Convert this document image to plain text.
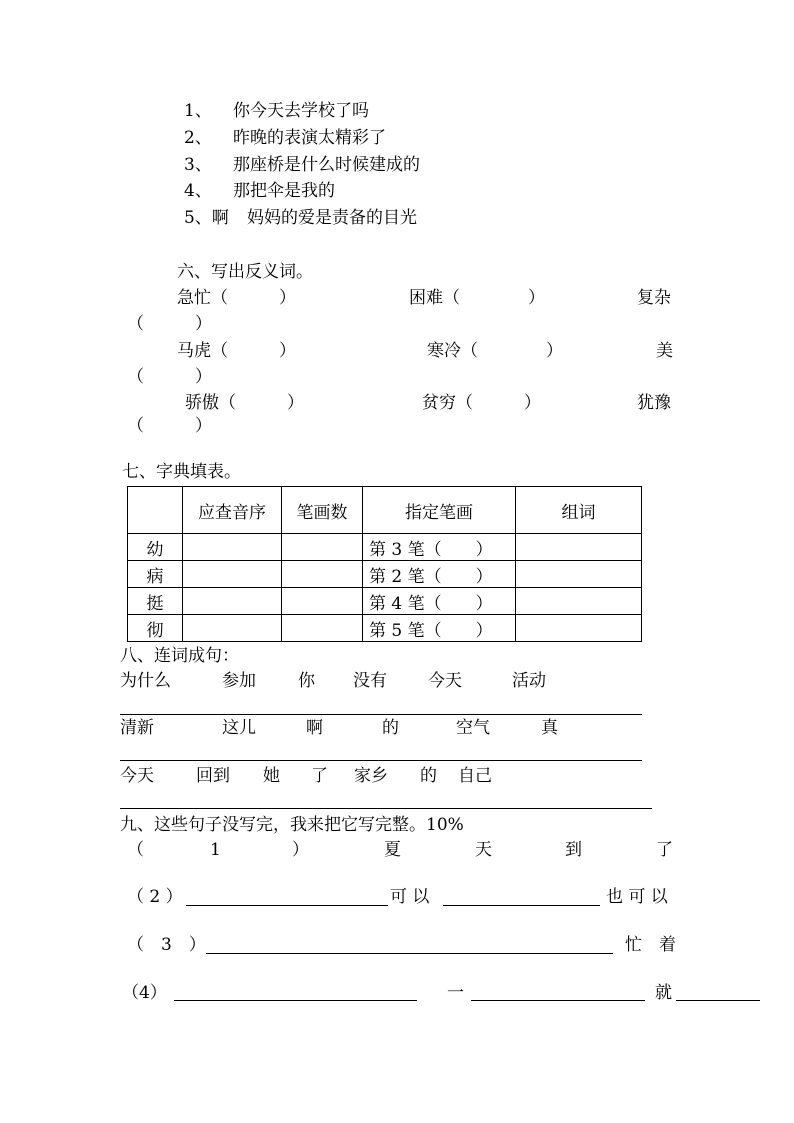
1、 你今天去学校了吗
2、 昨晚的表演太精彩了
3、 那座桥是什么时候建成的
4、 那把伞是我的
5、啊 妈妈的爱是责备的目光
六、写出反义词。
急忙（　　　）	困难（　　　　）	复杂
（　　　）
马虎（　　　）	寒冷（　　　　）	美
（　　　）
骄傲（　　　）	贫穷（　　　）	犹豫
（　　　）
七、字典填表。
	应查音序	笔画数	指定笔画	组词
幼			第 3 笔（　　）	
病			第 2 笔（　　）	
挺			第 4 笔（　　）	
彻			第 5 笔（　　）	
八、连词成句：
为什么	参加 你 没有 今天	活动
清新	这儿	啊	的	空气	真
今天 回到 她 了 家乡 的 自己
九、这些句子没写完，我来把它写完整。10%
（	1	）	夏	天	到	了
（ 2 ）	可 以	也 可 以
（　3　）	忙　着
（4）	一	就
